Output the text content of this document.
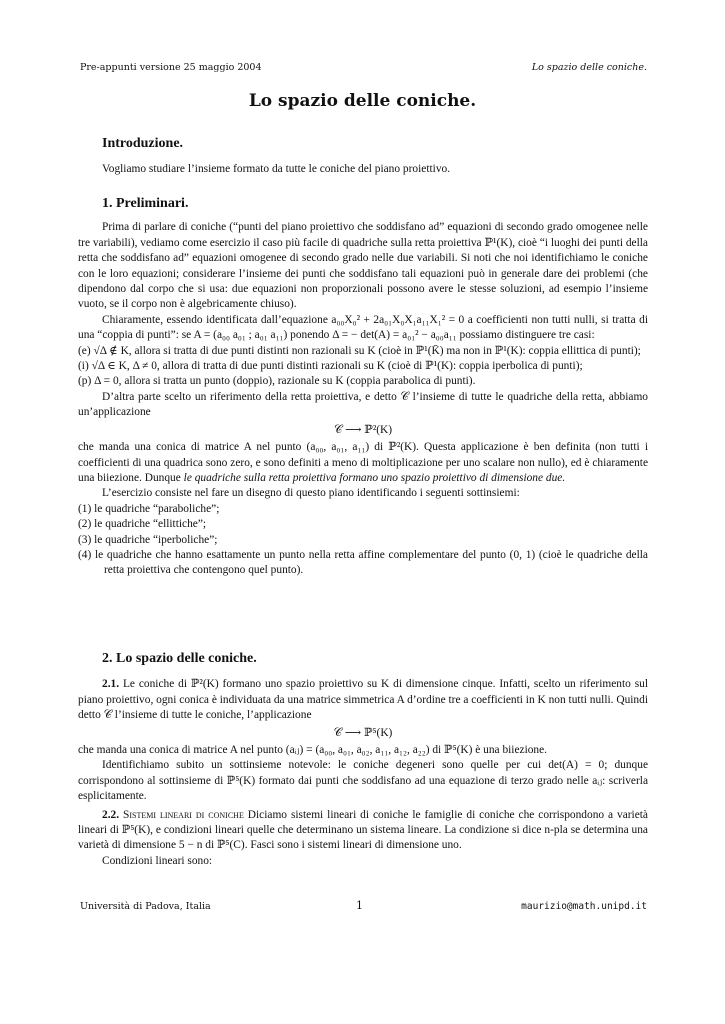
Pre-appunti versione 25 maggio 2004	Lo spazio delle coniche.
Lo spazio delle coniche.
Introduzione.
Vogliamo studiare l’insieme formato da tutte le coniche del piano proiettivo.
1. Preliminari.
Prima di parlare di coniche (“punti del piano proiettivo che soddisfano ad” equazioni di secondo grado omogenee nelle tre variabili), vediamo come esercizio il caso più facile di quadriche sulla retta proiettiva ℙ¹(K), cioè “i luoghi dei punti della retta che soddisfano ad” equazioni omogenee di secondo grado nelle due variabili. Si noti che noi identifichiamo le coniche con le loro equazioni; considerare l’insieme dei punti che soddisfano tali equazioni può in generale dare dei problemi (che dipendono dal corpo che si usa: due equazioni non proporzionali possono avere le stesse soluzioni, ad esempio l’insieme vuoto, se il corpo non è algebricamente chiuso).
Chiaramente, essendo identificata dall’equazione a₀₀X₀² + 2a₀₁X₀X₁a₁₁X₁² = 0 a coefficienti non tutti nulli, si tratta di una “coppia di punti”: se A = (a₀₀ a₀₁ ; a₀₁ a₁₁) ponendo Δ = − det(A) = a₀₁² − a₀₀a₁₁ possiamo distinguere tre casi:
(e) √Δ ∉ K, allora si tratta di due punti distinti non razionali su K (cioè in ℙ¹(K̄) ma non in ℙ¹(K): coppia ellittica di punti);
(i) √Δ ∈ K, Δ ≠ 0, allora di tratta di due punti distinti razionali su K (cioè di ℙ¹(K): coppia iperbolica di punti);
(p) Δ = 0, allora si tratta un punto (doppio), razionale su K (coppia parabolica di punti).
D’altra parte scelto un riferimento della retta proiettiva, e detto 𝒞 l’insieme di tutte le quadriche della retta, abbiamo un’applicazione
𝒞 ⟶ ℙ²(K)
che manda una conica di matrice A nel punto (a₀₀, a₀₁, a₁₁) di ℙ²(K). Questa applicazione è ben definita (non tutti i coefficienti di una quadrica sono zero, e sono definiti a meno di moltiplicazione per uno scalare non nullo), ed è chiaramente una biiezione. Dunque le quadriche sulla retta proiettiva formano uno spazio proiettivo di dimensione due.
L’esercizio consiste nel fare un disegno di questo piano identificando i seguenti sottinsiemi:
(1) le quadriche “paraboliche”;
(2) le quadriche “ellittiche”;
(3) le quadriche “iperboliche”;
(4) le quadriche che hanno esattamente un punto nella retta affine complementare del punto (0, 1) (cioè le quadriche della retta proiettiva che contengono quel punto).
2. Lo spazio delle coniche.
2.1. Le coniche di ℙ²(K) formano uno spazio proiettivo su K di dimensione cinque. Infatti, scelto un riferimento sul piano proiettivo, ogni conica è individuata da una matrice simmetrica A d’ordine tre a coefficienti in K non tutti nulli. Quindi detto 𝒞 l’insieme di tutte le coniche, l’applicazione
𝒞 ⟶ ℙ⁵(K)
che manda una conica di matrice A nel punto (aᵢⱼ) = (a₀₀, a₀₁, a₀₂, a₁₁, a₁₂, a₂₂) di ℙ⁵(K) è una biiezione.
Identifichiamo subito un sottinsieme notevole: le coniche degeneri sono quelle per cui det(A) = 0; dunque corrispondono al sottinsieme di ℙ⁵(K) formato dai punti che soddisfano ad una equazione di terzo grado nelle aᵢⱼ: scriverla esplicitamente.
2.2. Sistemi lineari di coniche Diciamo sistemi lineari di coniche le famiglie di coniche che corrispondono a varietà lineari di ℙ⁵(K), e condizioni lineari quelle che determinano un sistema lineare. La condizione si dice n-pla se determina una varietà di dimensione 5 − n di ℙ⁵(C). Fasci sono i sistemi lineari di dimensione uno.
Condizioni lineari sono:
Università di Padova, Italia	1	maurizio@math.unipd.it
